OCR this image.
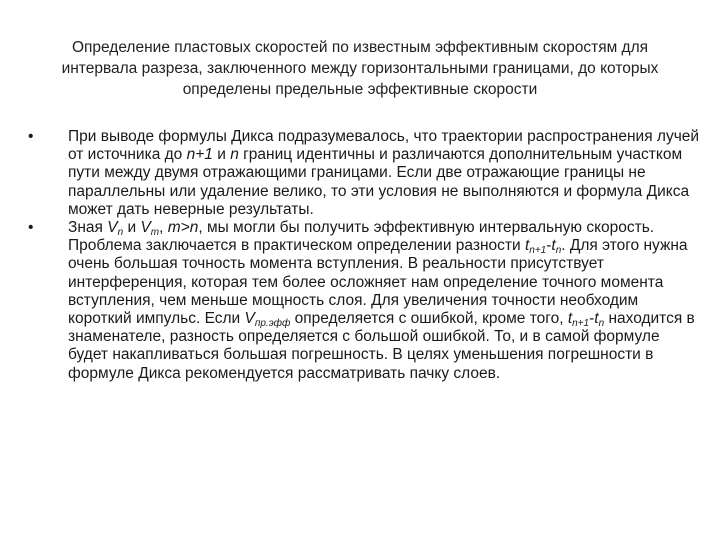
Определение пластовых скоростей по известным эффективным скоростям для интервала разреза, заключенного между горизонтальными границами, до которых определены предельные эффективные скорости
• При выводе формулы Дикса подразумевалось, что траектории распространения лучей от источника до n+1 и n границ идентичны и различаются дополнительным участком пути между двумя отражающими границами. Если две отражающие границы не параллельны или удаление велико, то эти условия не выполняются и формула Дикса может дать неверные результаты.
• Зная $V_n$ и $V_m$, m>n, мы могли бы получить эффективную интервальную скорость. Проблема заключается в практическом определении разности $t_{n+1}-t_n$. Для этого нужна очень большая точность момента вступления. В реальности присутствует интерференция, которая тем более осложняет нам определение точного момента вступления, чем меньше мощность слоя. Для увеличения точности необходим короткий импульс. Если $V_{пр.эфф}$ определяется с ошибкой, кроме того, $t_{n+1}-t_n$ находится в знаменателе, разность определяется с большой ошибкой. То, и в самой формуле будет накапливаться большая погрешность. В целях уменьшения погрешности в формуле Дикса рекомендуется рассматривать пачку слоев.
